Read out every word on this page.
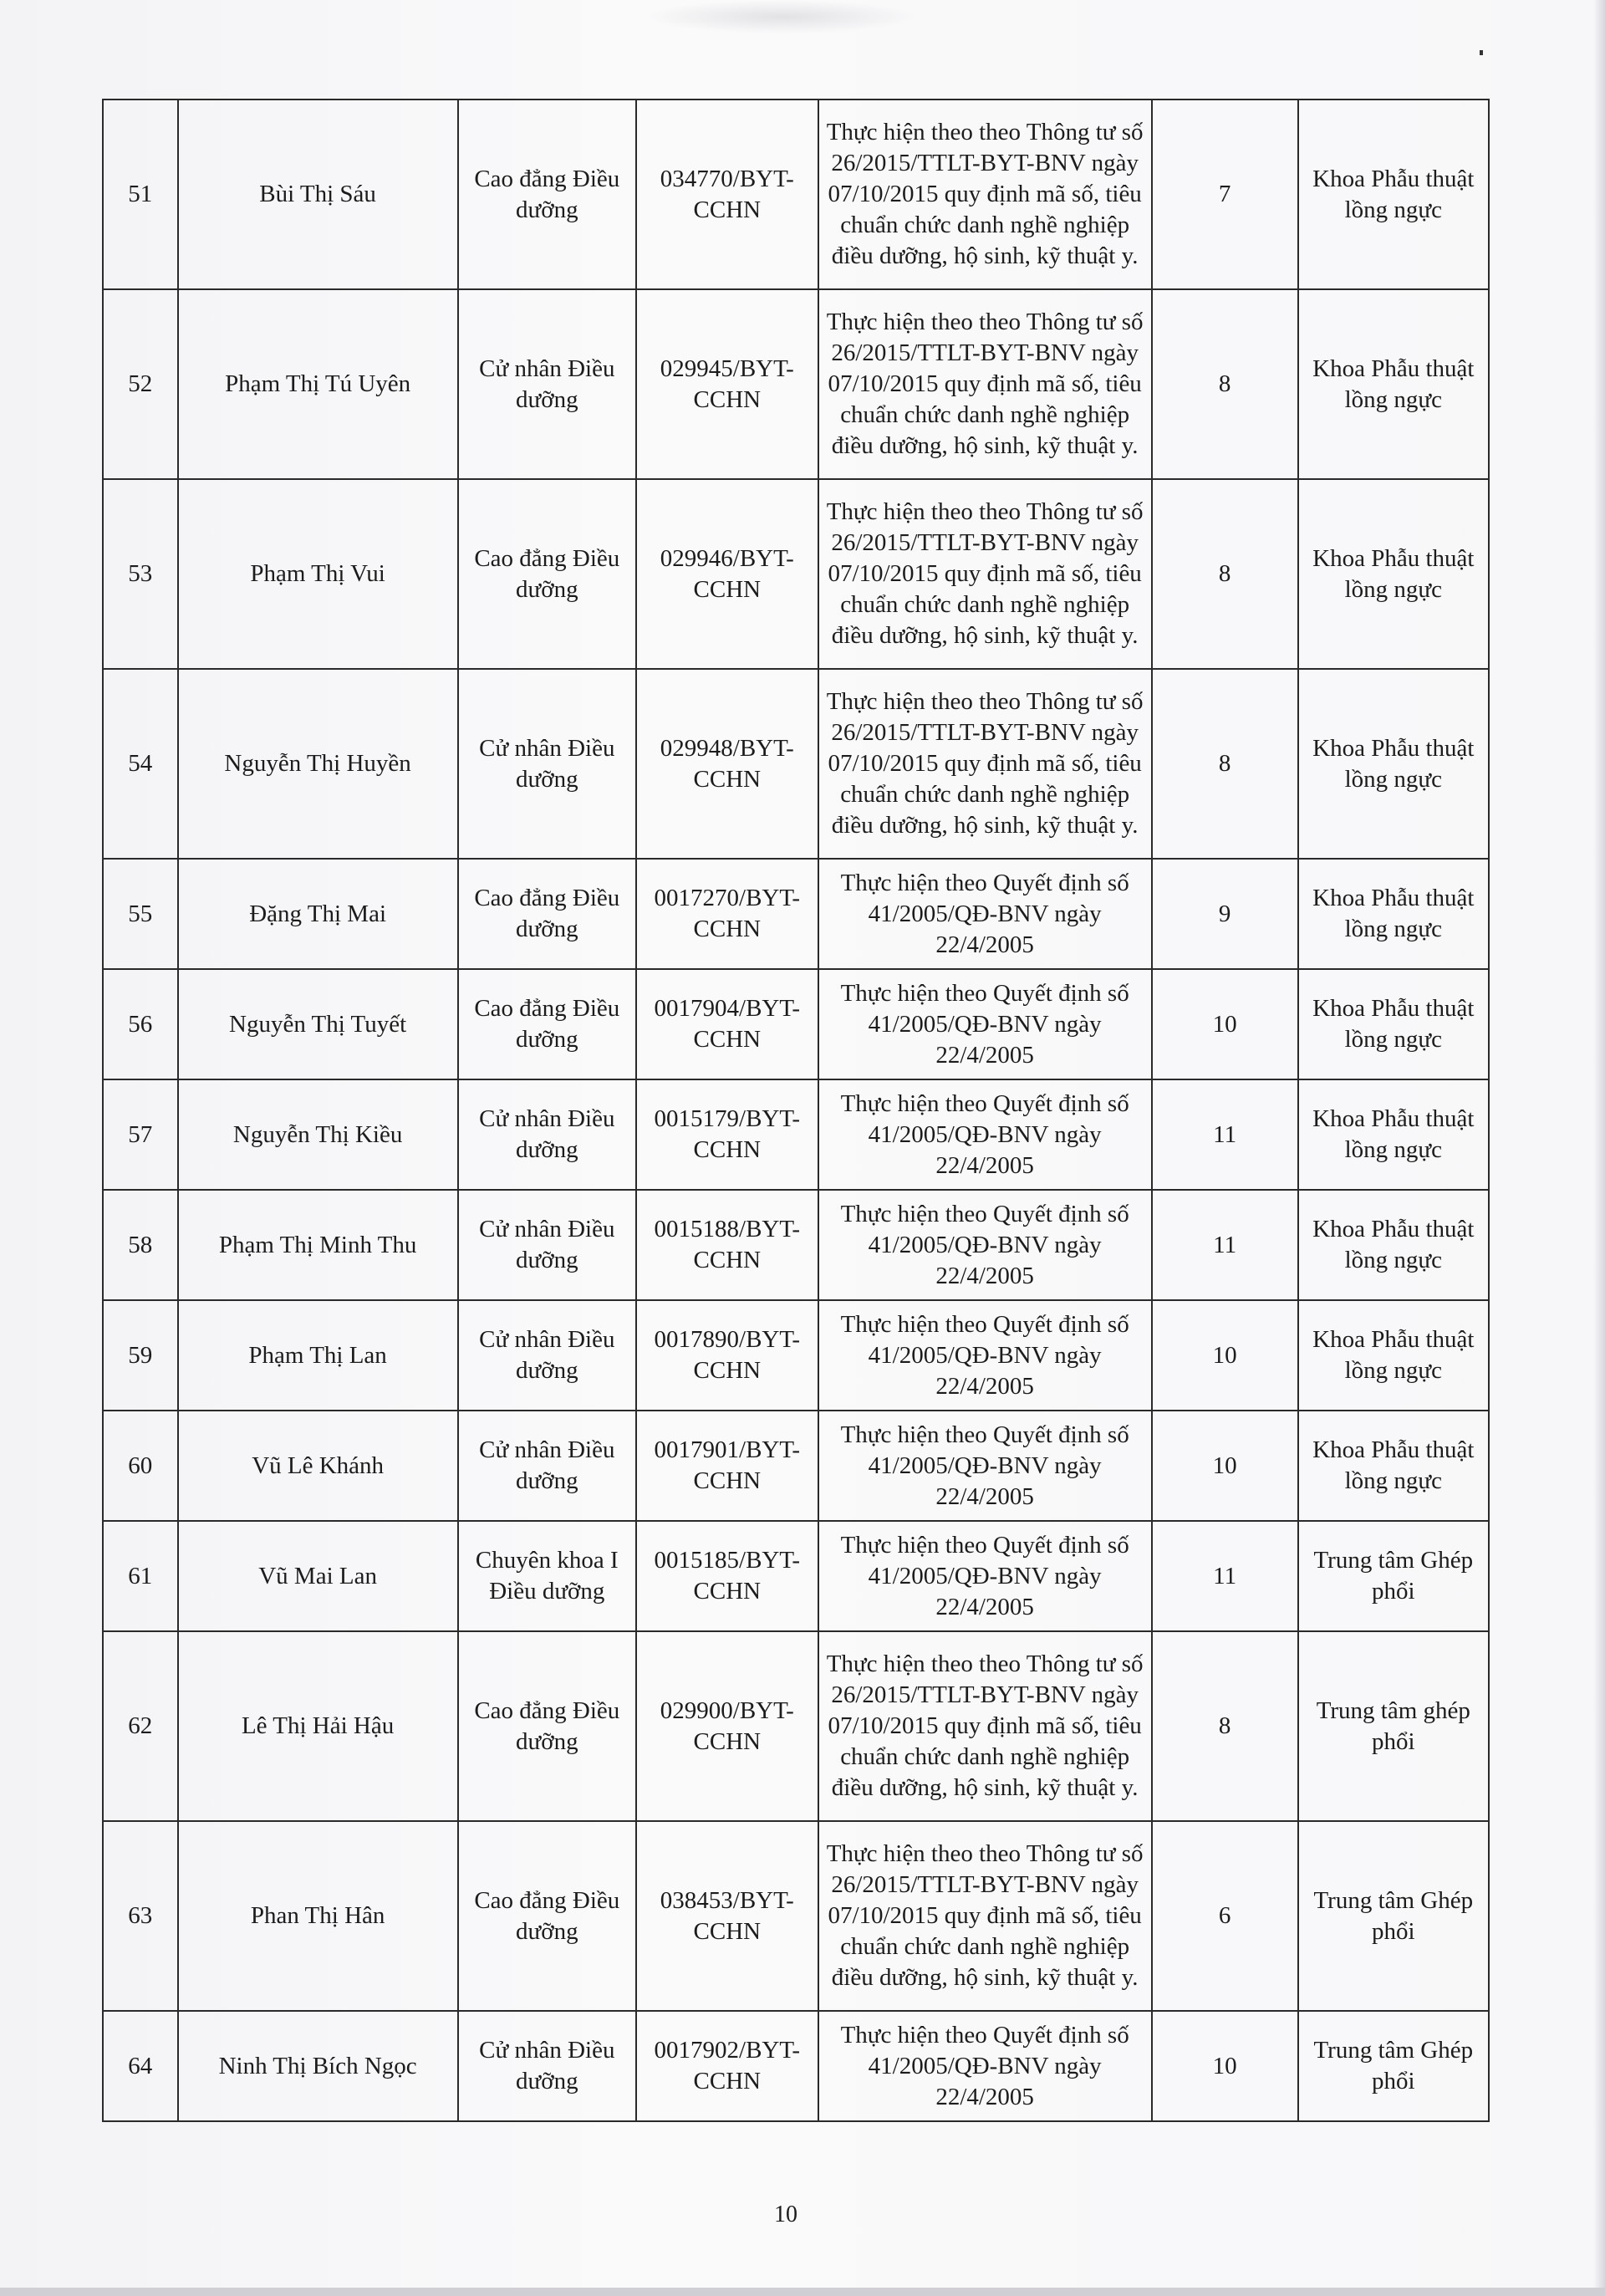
51	Bùi Thị Sáu	Cao đẳng Điều dưỡng	034770/BYT-CCHN	Thực hiện theo theo Thông tư số 26/2015/TTLT-BYT-BNV ngày 07/10/2015 quy định mã số, tiêu chuẩn chức danh nghề nghiệp điều dưỡng, hộ sinh, kỹ thuật y.	7	Khoa Phẫu thuật lồng ngực

52	Phạm Thị Tú Uyên	Cử nhân Điều dưỡng	029945/BYT-CCHN	Thực hiện theo theo Thông tư số 26/2015/TTLT-BYT-BNV ngày 07/10/2015 quy định mã số, tiêu chuẩn chức danh nghề nghiệp điều dưỡng, hộ sinh, kỹ thuật y.	8	Khoa Phẫu thuật lồng ngực

53	Phạm Thị Vui	Cao đẳng Điều dưỡng	029946/BYT-CCHN	Thực hiện theo theo Thông tư số 26/2015/TTLT-BYT-BNV ngày 07/10/2015 quy định mã số, tiêu chuẩn chức danh nghề nghiệp điều dưỡng, hộ sinh, kỹ thuật y.	8	Khoa Phẫu thuật lồng ngực

54	Nguyễn Thị Huyền	Cử nhân Điều dưỡng	029948/BYT-CCHN	Thực hiện theo theo Thông tư số 26/2015/TTLT-BYT-BNV ngày 07/10/2015 quy định mã số, tiêu chuẩn chức danh nghề nghiệp điều dưỡng, hộ sinh, kỹ thuật y.	8	Khoa Phẫu thuật lồng ngực

55	Đặng Thị Mai	Cao đẳng Điều dưỡng	0017270/BYT-CCHN	Thực hiện theo Quyết định số 41/2005/QĐ-BNV ngày 22/4/2005	9	Khoa Phẫu thuật lồng ngực

56	Nguyễn Thị Tuyết	Cao đẳng Điều dưỡng	0017904/BYT-CCHN	Thực hiện theo Quyết định số 41/2005/QĐ-BNV ngày 22/4/2005	10	Khoa Phẫu thuật lồng ngực

57	Nguyễn Thị Kiều	Cử nhân Điều dưỡng	0015179/BYT-CCHN	Thực hiện theo Quyết định số 41/2005/QĐ-BNV ngày 22/4/2005	11	Khoa Phẫu thuật lồng ngực

58	Phạm Thị Minh Thu	Cử nhân Điều dưỡng	0015188/BYT-CCHN	Thực hiện theo Quyết định số 41/2005/QĐ-BNV ngày 22/4/2005	11	Khoa Phẫu thuật lồng ngực

59	Phạm Thị Lan	Cử nhân Điều dưỡng	0017890/BYT-CCHN	Thực hiện theo Quyết định số 41/2005/QĐ-BNV ngày 22/4/2005	10	Khoa Phẫu thuật lồng ngực

60	Vũ Lê Khánh	Cử nhân Điều dưỡng	0017901/BYT-CCHN	Thực hiện theo Quyết định số 41/2005/QĐ-BNV ngày 22/4/2005	10	Khoa Phẫu thuật lồng ngực

61	Vũ Mai Lan	Chuyên khoa I Điều dưỡng	0015185/BYT-CCHN	Thực hiện theo Quyết định số 41/2005/QĐ-BNV ngày 22/4/2005	11	Trung tâm Ghép phổi

62	Lê Thị Hải Hậu	Cao đẳng Điều dưỡng	029900/BYT-CCHN	Thực hiện theo theo Thông tư số 26/2015/TTLT-BYT-BNV ngày 07/10/2015 quy định mã số, tiêu chuẩn chức danh nghề nghiệp điều dưỡng, hộ sinh, kỹ thuật y.	8	Trung tâm ghép phổi

63	Phan Thị Hân	Cao đẳng Điều dưỡng	038453/BYT-CCHN	Thực hiện theo theo Thông tư số 26/2015/TTLT-BYT-BNV ngày 07/10/2015 quy định mã số, tiêu chuẩn chức danh nghề nghiệp điều dưỡng, hộ sinh, kỹ thuật y.	6	Trung tâm Ghép phổi

64	Ninh Thị Bích Ngọc	Cử nhân Điều dưỡng	0017902/BYT-CCHN	Thực hiện theo Quyết định số 41/2005/QĐ-BNV ngày 22/4/2005	10	Trung tâm Ghép phổi
10
